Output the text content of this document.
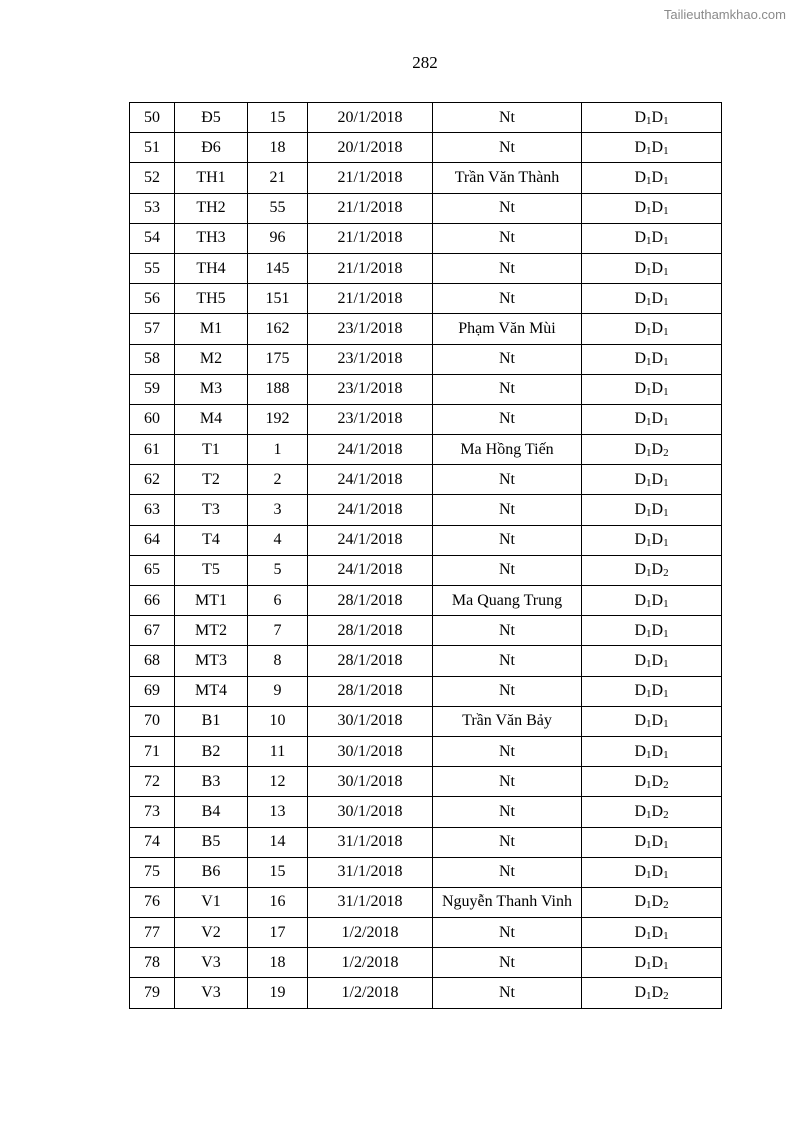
Tailieuthamkhao.com
282
50	Đ5	15	20/1/2018	Nt	$D_1D_1$
51	Đ6	18	20/1/2018	Nt	$D_1D_1$
52	TH1	21	21/1/2018	Trần Văn Thành	$D_1D_1$
53	TH2	55	21/1/2018	Nt	$D_1D_1$
54	TH3	96	21/1/2018	Nt	$D_1D_1$
55	TH4	145	21/1/2018	Nt	$D_1D_1$
56	TH5	151	21/1/2018	Nt	$D_1D_1$
57	M1	162	23/1/2018	Phạm Văn Mùi	$D_1D_1$
58	M2	175	23/1/2018	Nt	$D_1D_1$
59	M3	188	23/1/2018	Nt	$D_1D_1$
60	M4	192	23/1/2018	Nt	$D_1D_1$
61	T1	1	24/1/2018	Ma Hồng Tiến	$D_1D_2$
62	T2	2	24/1/2018	Nt	$D_1D_1$
63	T3	3	24/1/2018	Nt	$D_1D_1$
64	T4	4	24/1/2018	Nt	$D_1D_1$
65	T5	5	24/1/2018	Nt	$D_1D_2$
66	MT1	6	28/1/2018	Ma Quang Trung	$D_1D_1$
67	MT2	7	28/1/2018	Nt	$D_1D_1$
68	MT3	8	28/1/2018	Nt	$D_1D_1$
69	MT4	9	28/1/2018	Nt	$D_1D_1$
70	B1	10	30/1/2018	Trần Văn Bảy	$D_1D_1$
71	B2	11	30/1/2018	Nt	$D_1D_1$
72	B3	12	30/1/2018	Nt	$D_1D_2$
73	B4	13	30/1/2018	Nt	$D_1D_2$
74	B5	14	31/1/2018	Nt	$D_1D_1$
75	B6	15	31/1/2018	Nt	$D_1D_1$
76	V1	16	31/1/2018	Nguyễn Thanh Vinh	$D_1D_2$
77	V2	17	1/2/2018	Nt	$D_1D_1$
78	V3	18	1/2/2018	Nt	$D_1D_1$
79	V3	19	1/2/2018	Nt	$D_1D_2$
